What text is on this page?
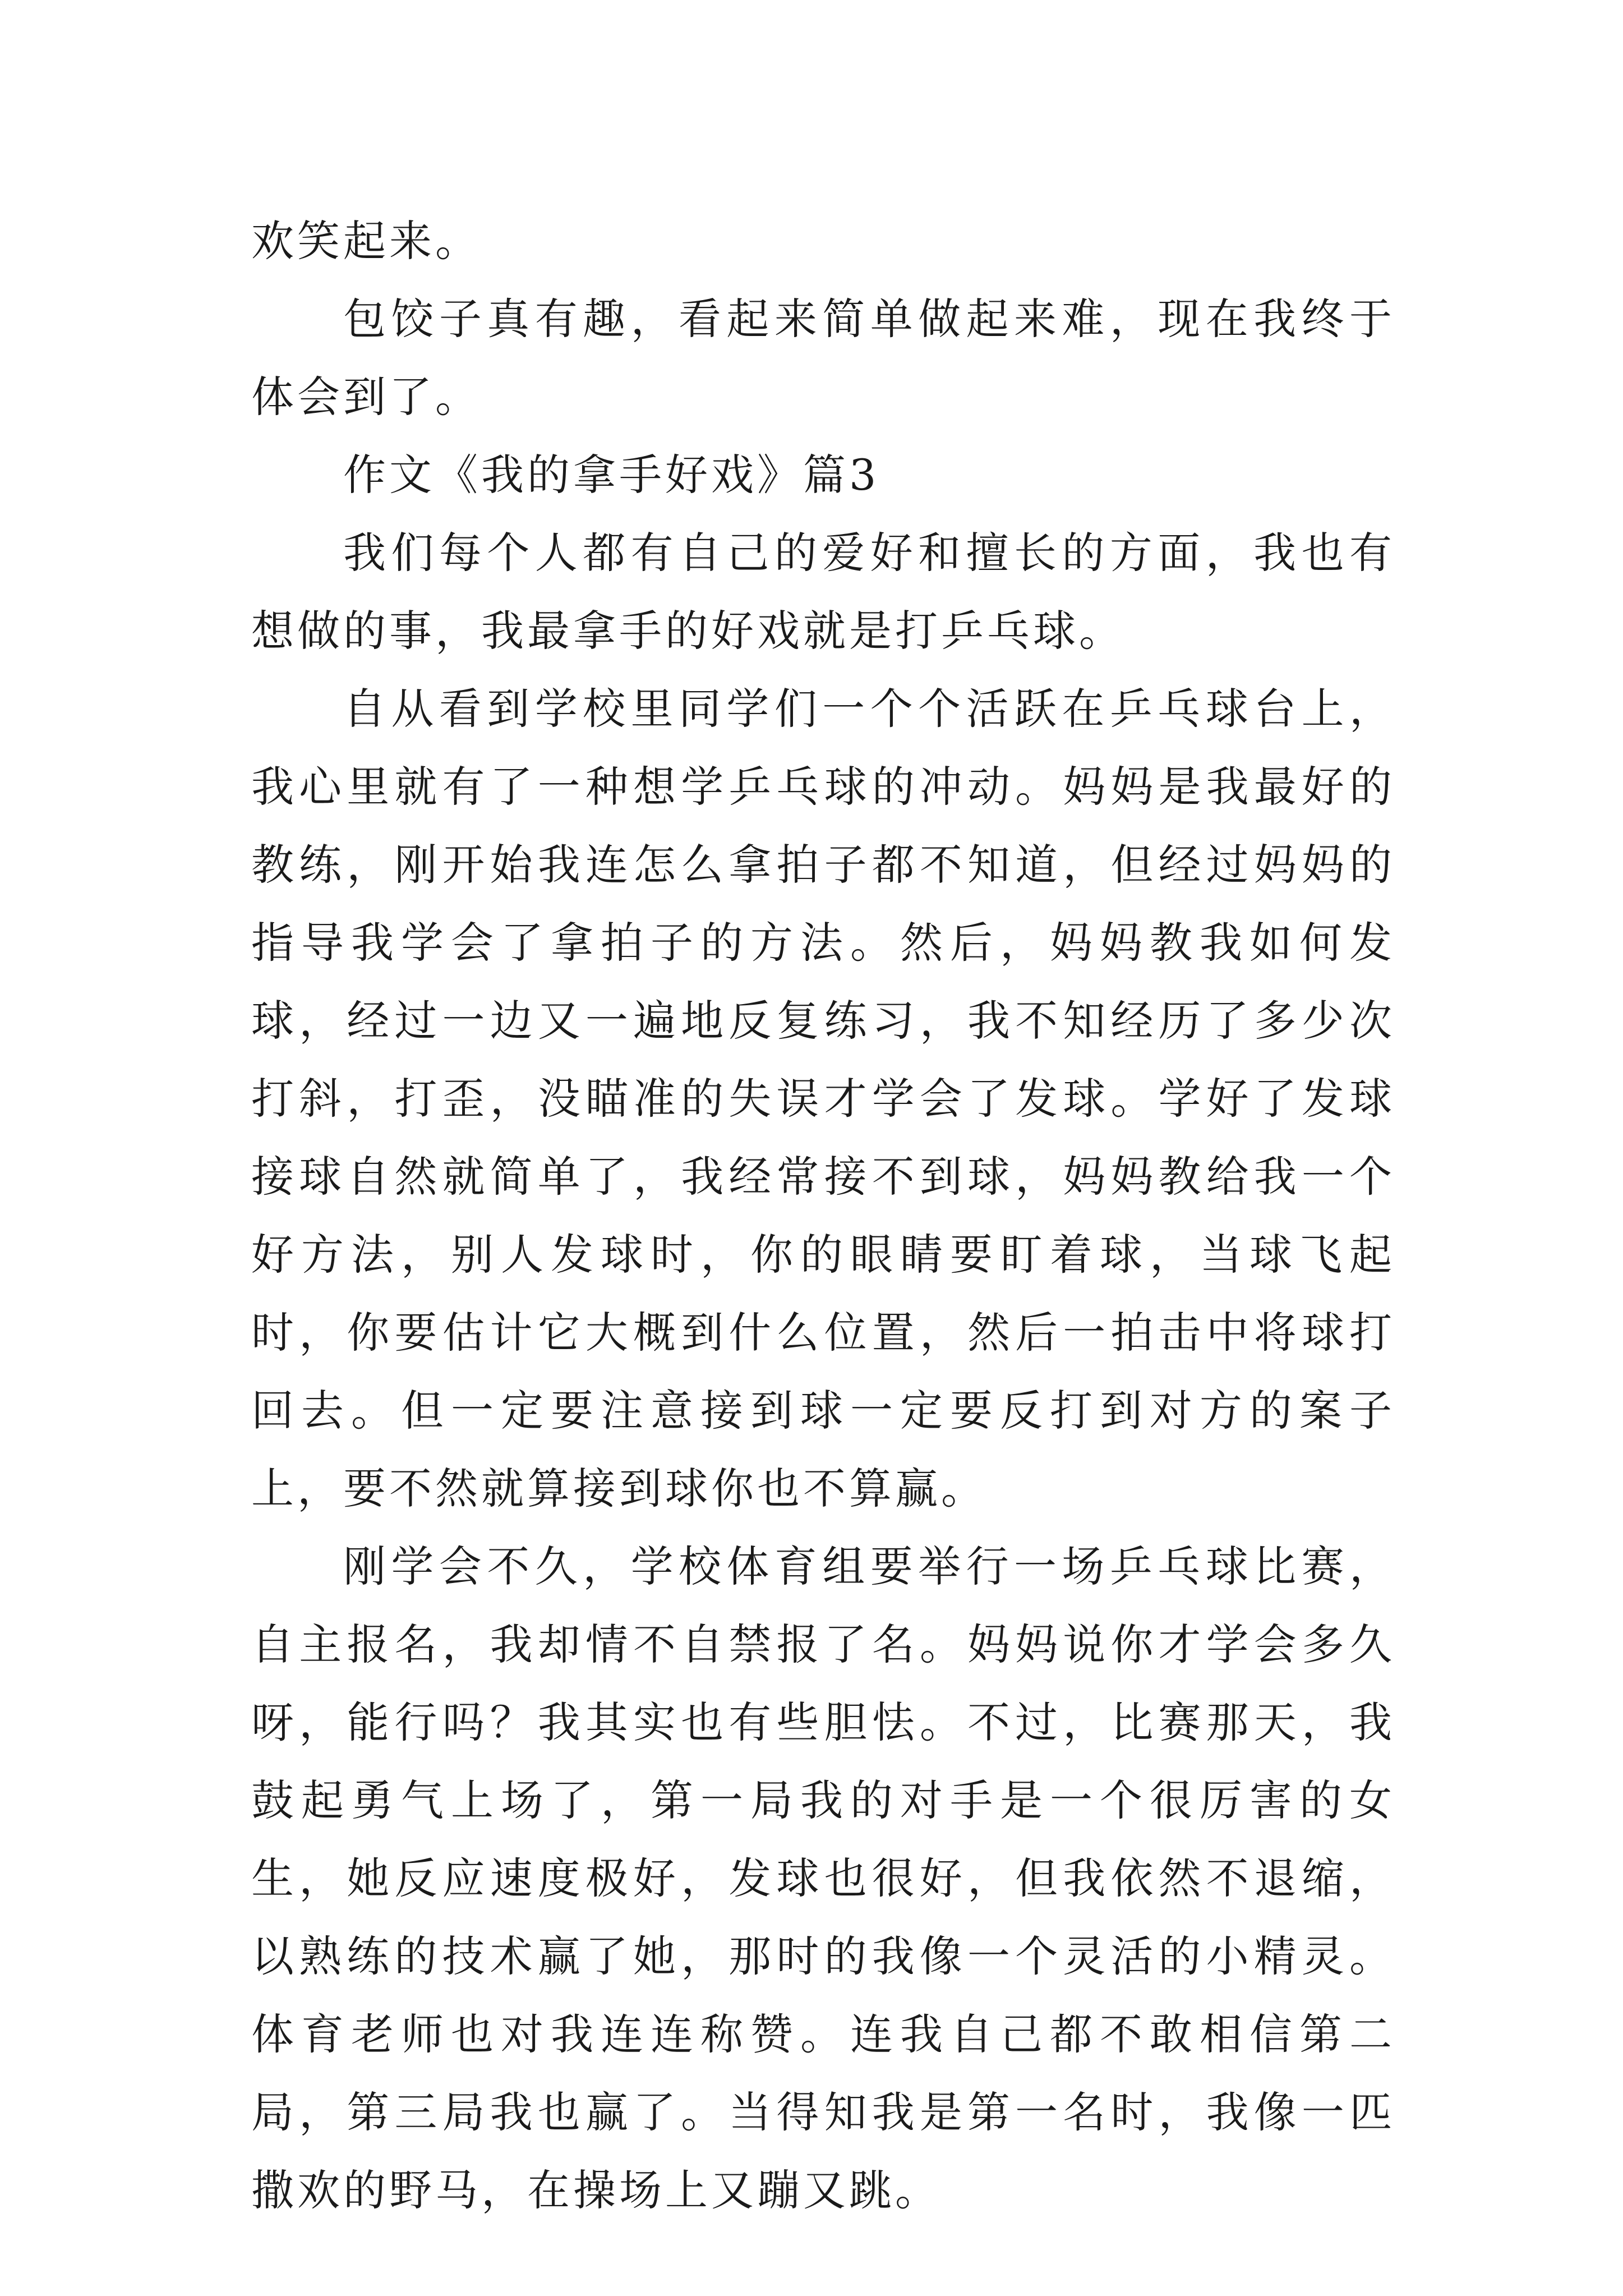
欢笑起来。

包饺子真有趣，看起来简单做起来难，现在我终于体会到了。

作文《我的拿手好戏》篇3

我们每个人都有自己的爱好和擅长的方面，我也有想做的事，我最拿手的好戏就是打乒乓球。

自从看到学校里同学们一个个活跃在乒乓球台上，我心里就有了一种想学乒乓球的冲动。妈妈是我最好的教练，刚开始我连怎么拿拍子都不知道，但经过妈妈的指导我学会了拿拍子的方法。然后，妈妈教我如何发球，经过一边又一遍地反复练习，我不知经历了多少次打斜，打歪，没瞄准的失误才学会了发球。学好了发球接球自然就简单了，我经常接不到球，妈妈教给我一个好方法，别人发球时，你的眼睛要盯着球，当球飞起时，你要估计它大概到什么位置，然后一拍击中将球打回去。但一定要注意接到球一定要反打到对方的案子上，要不然就算接到球你也不算赢。

刚学会不久，学校体育组要举行一场乒乓球比赛，自主报名，我却情不自禁报了名。妈妈说你才学会多久呀，能行吗？我其实也有些胆怯。不过，比赛那天，我鼓起勇气上场了，第一局我的对手是一个很厉害的女生，她反应速度极好，发球也很好，但我依然不退缩，以熟练的技术赢了她，那时的我像一个灵活的小精灵。体育老师也对我连连称赞。连我自己都不敢相信第二局，第三局我也赢了。当得知我是第一名时，我像一匹撒欢的野马，在操场上又蹦又跳。
